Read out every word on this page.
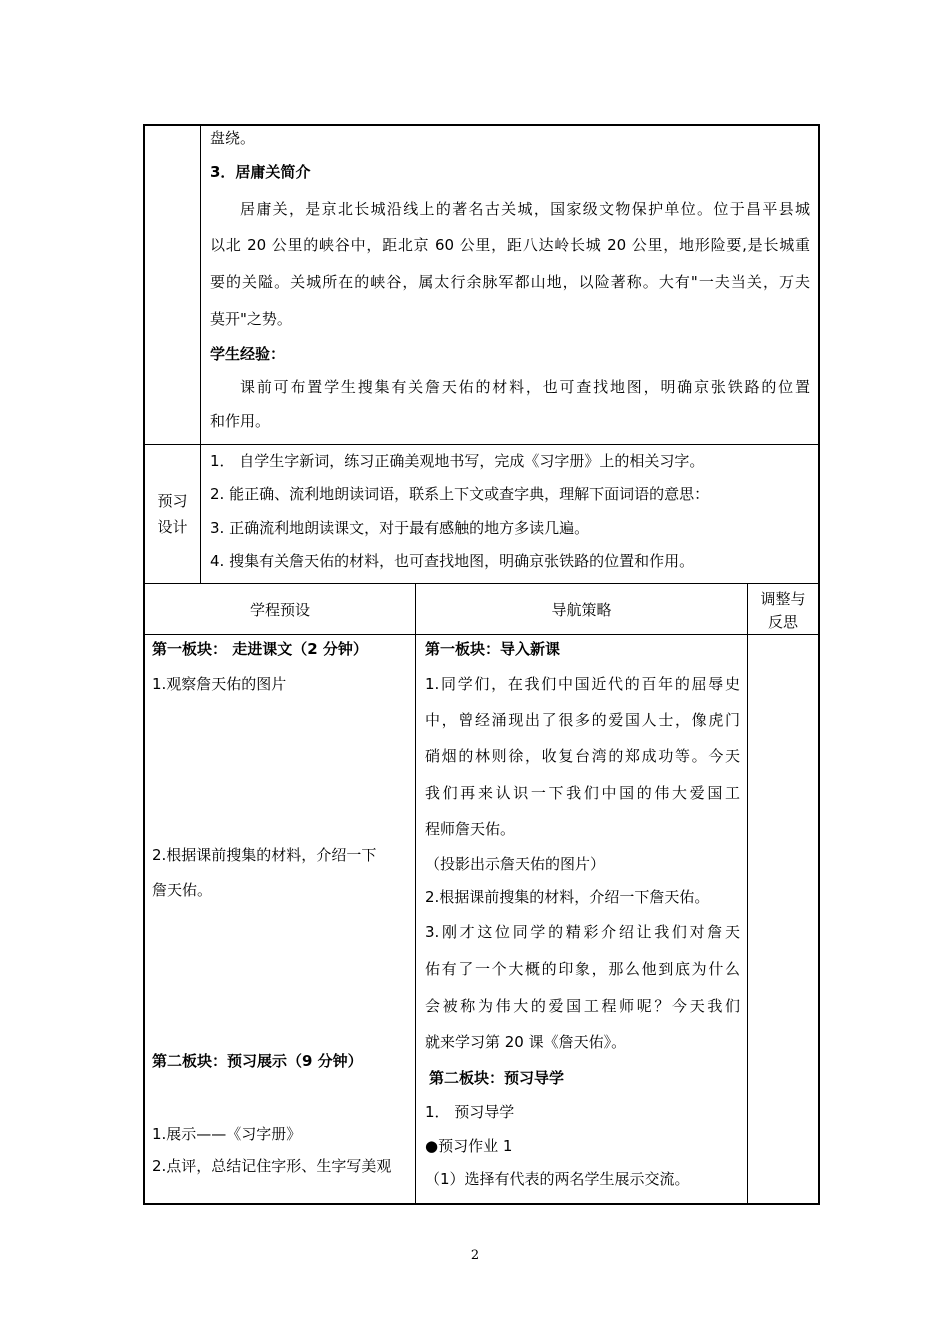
盘绕。
3．居庸关简介
居庸关，是京北长城沿线上的著名古关城，国家级文物保护单位。位于昌平县城
以北 20 公里的峡谷中，距北京 60 公里，距八达岭长城 20 公里，地形险要,是长城重
要的关隘。关城所在的峡谷，属太行余脉军都山地，以险著称。大有"一夫当关，万夫
莫开"之势。
学生经验：
课前可布置学生搜集有关詹天佑的材料，也可查找地图，明确京张铁路的位置
和作用。
预习
设计
1． 自学生字新词，练习正确美观地书写，完成《习字册》上的相关习字。
2. 能正确、流利地朗读词语，联系上下文或查字典，理解下面词语的意思：
3. 正确流利地朗读课文，对于最有感触的地方多读几遍。
4. 搜集有关詹天佑的材料，也可查找地图，明确京张铁路的位置和作用。
学程预设	导航策略
调整与
反思
第一板块： 走进课文（2 分钟）
1.观察詹天佑的图片
2.根据课前搜集的材料，介绍一下
詹天佑。
第二板块：预习展示（9 分钟）
1.展示——《习字册》
2.点评，总结记住字形、生字写美观
第一板块：导入新课
1.同学们，在我们中国近代的百年的屈辱史
中，曾经涌现出了很多的爱国人士，像虎门
硝烟的林则徐，收复台湾的郑成功等。今天
我们再来认识一下我们中国的伟大爱国工
程师詹天佑。
（投影出示詹天佑的图片）
2.根据课前搜集的材料，介绍一下詹天佑。
3.刚才这位同学的精彩介绍让我们对詹天
佑有了一个大概的印象，那么他到底为什么
会被称为伟大的爱国工程师呢？今天我们
就来学习第 20 课《詹天佑》。
第二板块：预习导学
1． 预习导学
●预习作业 1
（1）选择有代表的两名学生展示交流。
2
